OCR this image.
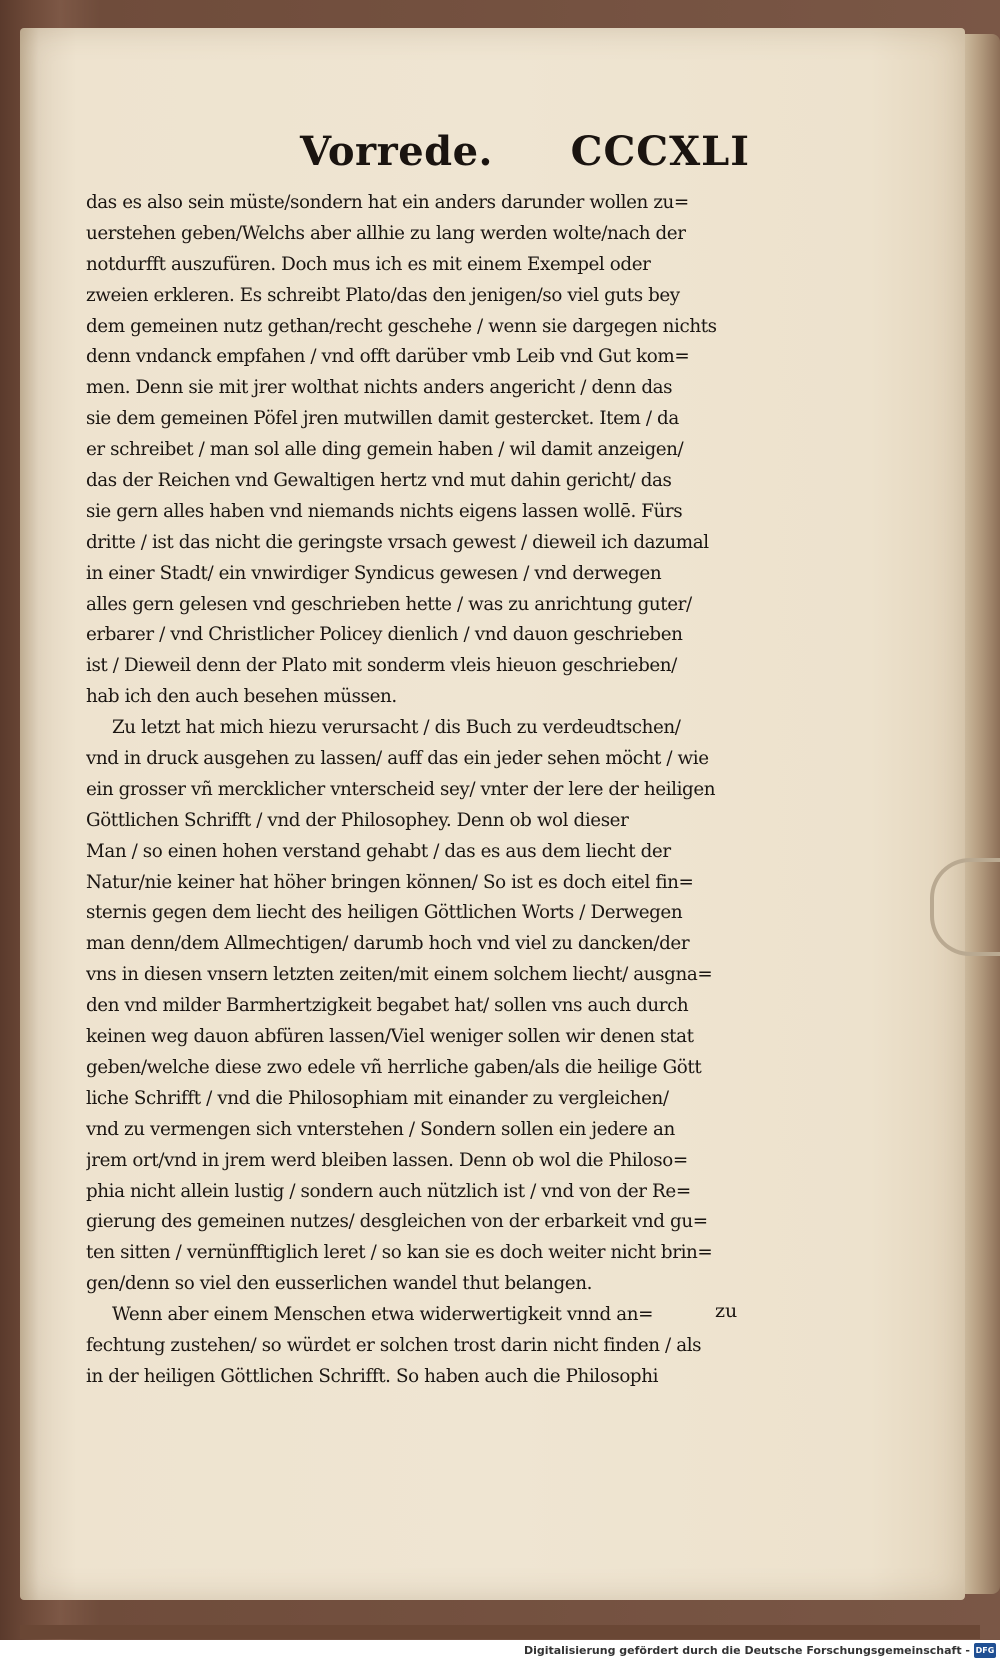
Vorrede. CCCXLI
das es also sein müste/sondern hat ein anders darunder wollen zu=
uerstehen geben/Welchs aber allhie zu lang werden wolte/nach der
notdurfft auszufüren. Doch mus ich es mit einem Exempel oder
zweien erkleren. Es schreibt Plato/das den jenigen/so viel guts bey
dem gemeinen nutz gethan/recht geschehe / wenn sie dargegen nichts
denn vndanck empfahen / vnd offt darüber vmb Leib vnd Gut kom=
men. Denn sie mit jrer wolthat nichts anders angericht / denn das
sie dem gemeinen Pöfel jren mutwillen damit gestercket. Item / da
er schreibet / man sol alle ding gemein haben / wil damit anzeigen/
das der Reichen vnd Gewaltigen hertz vnd mut dahin gericht/ das
sie gern alles haben vnd niemands nichts eigens lassen wollē. Fürs
dritte / ist das nicht die geringste vrsach gewest / dieweil ich dazumal
in einer Stadt/ ein vnwirdiger Syndicus gewesen / vnd derwegen
alles gern gelesen vnd geschrieben hette / was zu anrichtung guter/
erbarer / vnd Christlicher Policey dienlich / vnd dauon geschrieben
ist / Dieweil denn der Plato mit sonderm vleis hieuon geschrieben/
hab ich den auch besehen müssen.
Zu letzt hat mich hiezu verursacht / dis Buch zu verdeudtschen/
vnd in druck ausgehen zu lassen/ auff das ein jeder sehen möcht / wie
ein grosser vñ mercklicher vnterscheid sey/ vnter der lere der heiligen
Göttlichen Schrifft / vnd der Philosophey. Denn ob wol dieser
Man / so einen hohen verstand gehabt / das es aus dem liecht der
Natur/nie keiner hat höher bringen können/ So ist es doch eitel fin=
sternis gegen dem liecht des heiligen Göttlichen Worts / Derwegen
man denn/dem Allmechtigen/ darumb hoch vnd viel zu dancken/der
vns in diesen vnsern letzten zeiten/mit einem solchem liecht/ ausgna=
den vnd milder Barmhertzigkeit begabet hat/ sollen vns auch durch
keinen weg dauon abfüren lassen/Viel weniger sollen wir denen stat
geben/welche diese zwo edele vñ herrliche gaben/als die heilige Gött
liche Schrifft / vnd die Philosophiam mit einander zu vergleichen/
vnd zu vermengen sich vnterstehen / Sondern sollen ein jedere an
jrem ort/vnd in jrem werd bleiben lassen. Denn ob wol die Philoso=
phia nicht allein lustig / sondern auch nützlich ist / vnd von der Re=
gierung des gemeinen nutzes/ desgleichen von der erbarkeit vnd gu=
ten sitten / vernünfftiglich leret / so kan sie es doch weiter nicht brin=
gen/denn so viel den eusserlichen wandel thut belangen.
Wenn aber einem Menschen etwa widerwertigkeit vnnd an=
fechtung zustehen/ so würdet er solchen trost darin nicht finden / als
in der heiligen Göttlichen Schrifft. So haben auch die Philosophi
zu
Digitalisierung gefördert durch die Deutsche Forschungsgemeinschaft - DFG
